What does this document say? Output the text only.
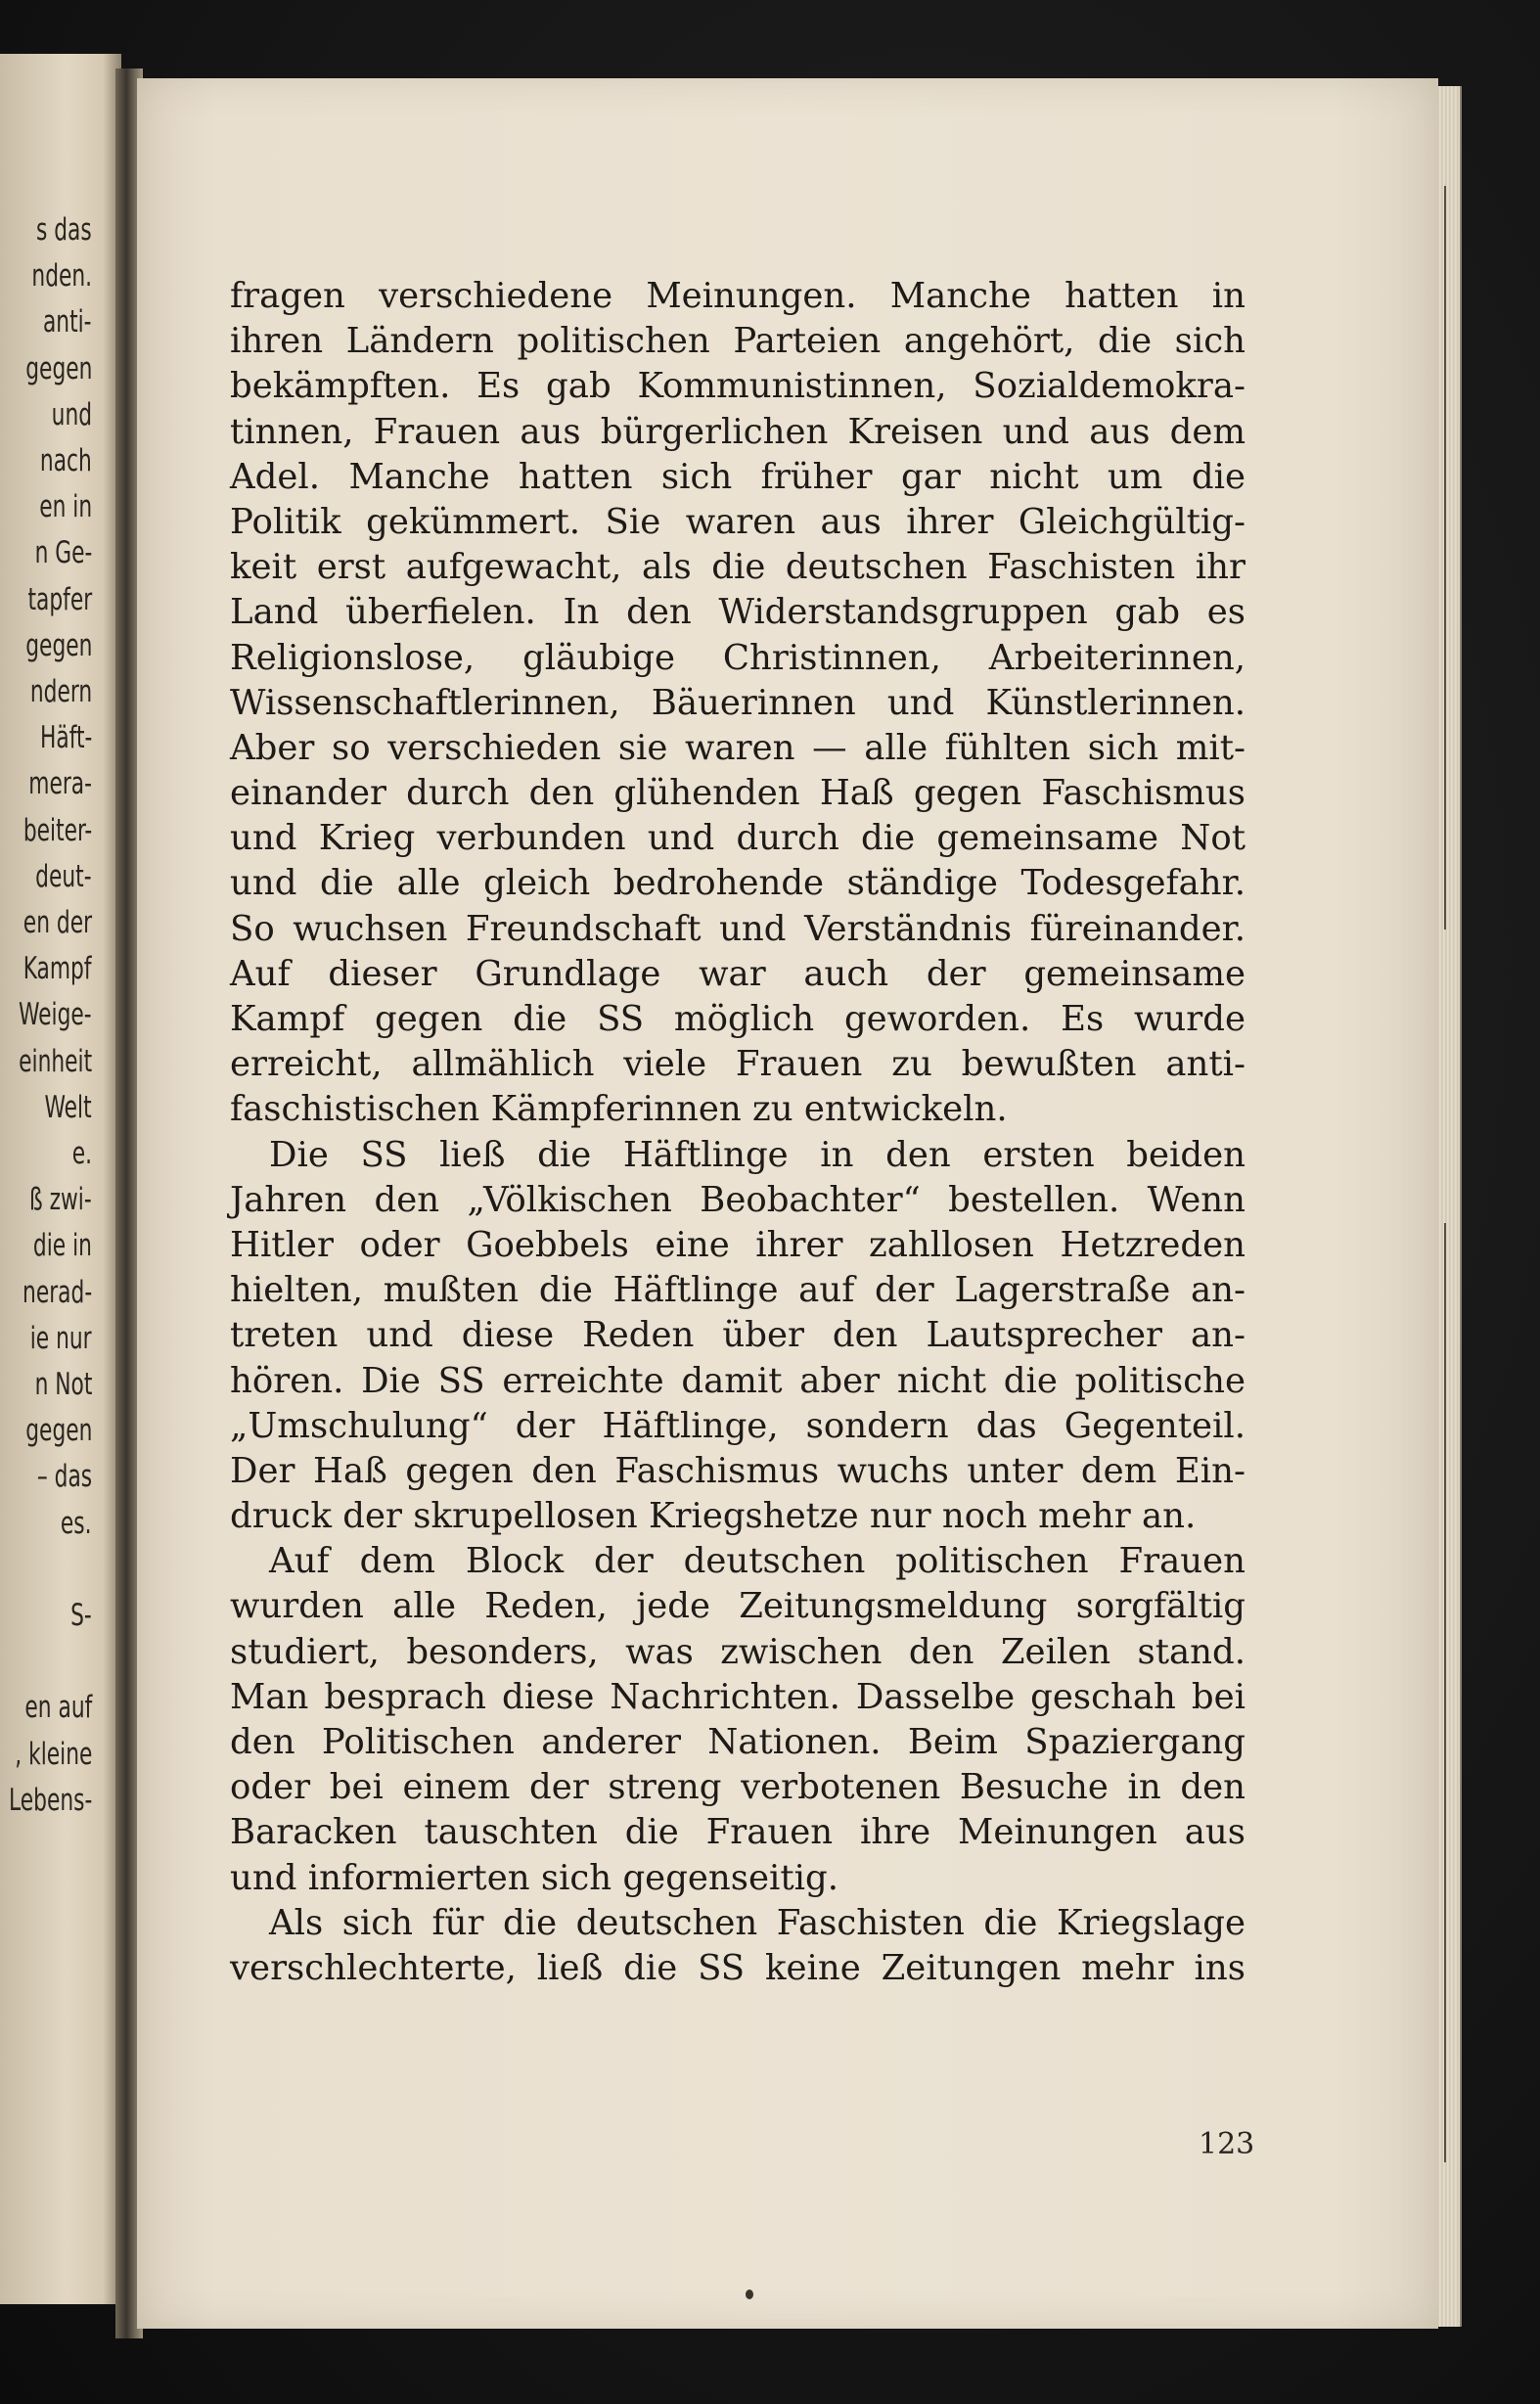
s das
nden.
anti-
gegen
und
nach
en in
n Ge-
tapfer
gegen
ndern
Häft-
mera-
beiter-
deut-
en der
Kampf
Weige-
einheit
Welt
e.
ß zwi-
die in
nerad-
ie nur
n Not
gegen
– das
es.
S-
en auf
, kleine
Lebens-
fragen verschiedene Meinungen. Manche hatten in
ihren Ländern politischen Parteien angehört, die sich
bekämpften. Es gab Kommunistinnen, Sozialdemokra-
tinnen, Frauen aus bürgerlichen Kreisen und aus dem
Adel. Manche hatten sich früher gar nicht um die
Politik gekümmert. Sie waren aus ihrer Gleichgültig-
keit erst aufgewacht, als die deutschen Faschisten ihr
Land überfielen. In den Widerstandsgruppen gab es
Religionslose, gläubige Christinnen, Arbeiterinnen,
Wissenschaftlerinnen, Bäuerinnen und Künstlerinnen.
Aber so verschieden sie waren — alle fühlten sich mit-
einander durch den glühenden Haß gegen Faschismus
und Krieg verbunden und durch die gemeinsame Not
und die alle gleich bedrohende ständige Todesgefahr.
So wuchsen Freundschaft und Verständnis füreinander.
Auf dieser Grundlage war auch der gemeinsame
Kampf gegen die SS möglich geworden. Es wurde
erreicht, allmählich viele Frauen zu bewußten anti-
faschistischen Kämpferinnen zu entwickeln.
Die SS ließ die Häftlinge in den ersten beiden
Jahren den „Völkischen Beobachter“ bestellen. Wenn
Hitler oder Goebbels eine ihrer zahllosen Hetzreden
hielten, mußten die Häftlinge auf der Lagerstraße an-
treten und diese Reden über den Lautsprecher an-
hören. Die SS erreichte damit aber nicht die politische
„Umschulung“ der Häftlinge, sondern das Gegenteil.
Der Haß gegen den Faschismus wuchs unter dem Ein-
druck der skrupellosen Kriegshetze nur noch mehr an.
Auf dem Block der deutschen politischen Frauen
wurden alle Reden, jede Zeitungsmeldung sorgfältig
studiert, besonders, was zwischen den Zeilen stand.
Man besprach diese Nachrichten. Dasselbe geschah bei
den Politischen anderer Nationen. Beim Spaziergang
oder bei einem der streng verbotenen Besuche in den
Baracken tauschten die Frauen ihre Meinungen aus
und informierten sich gegenseitig.
Als sich für die deutschen Faschisten die Kriegslage
verschlechterte, ließ die SS keine Zeitungen mehr ins
123
